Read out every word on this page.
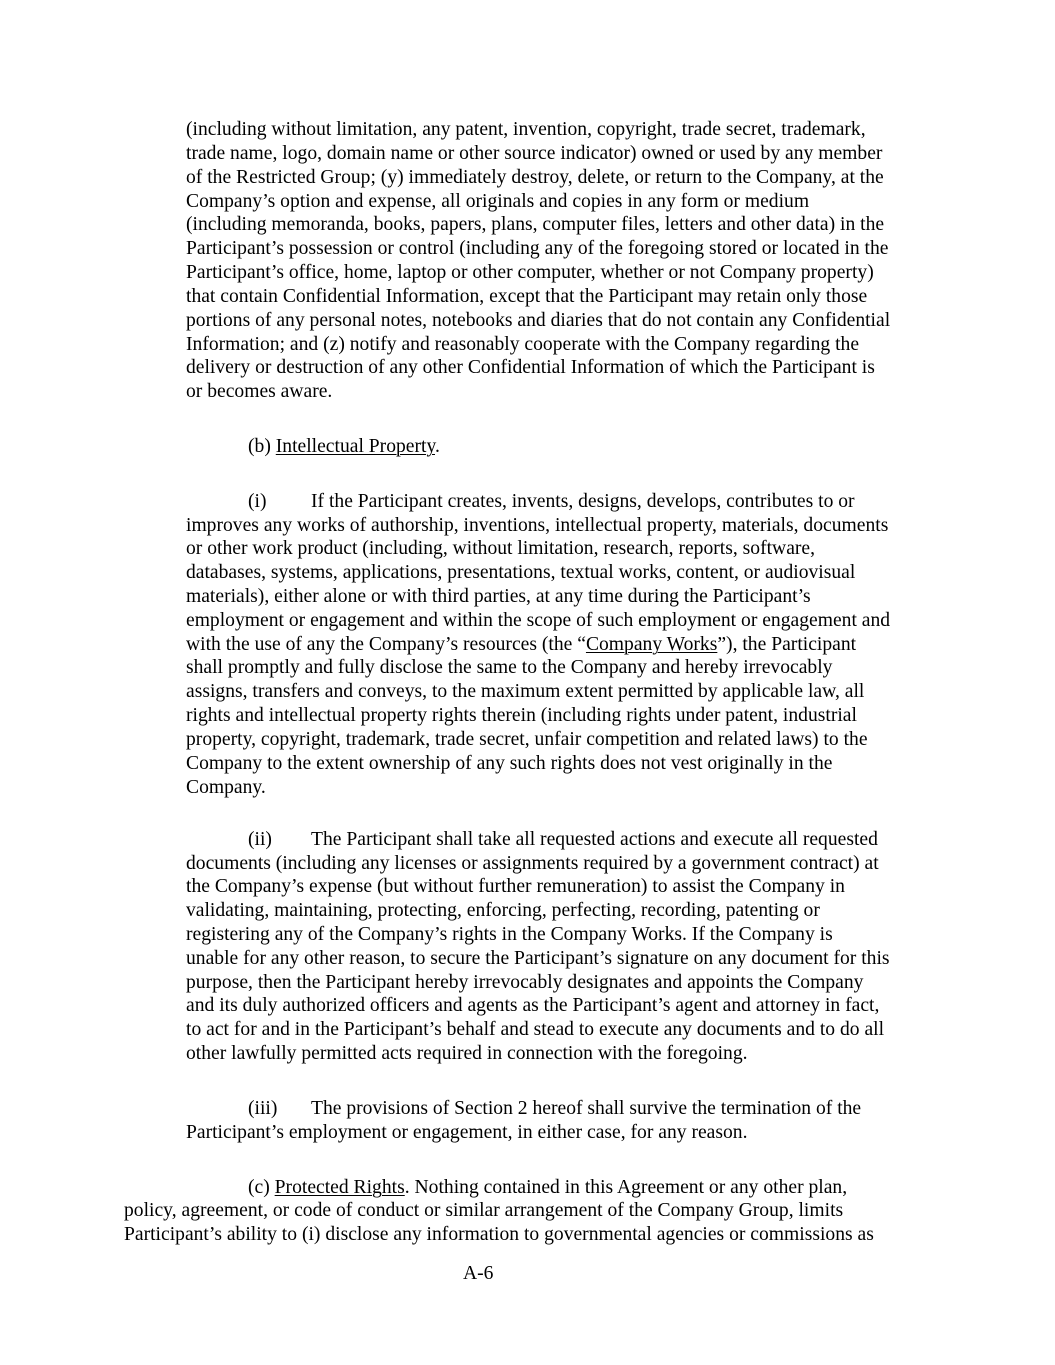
(including without limitation, any patent, invention, copyright, trade secret, trademark,
trade name, logo, domain name or other source indicator) owned or used by any member
of the Restricted Group; (y) immediately destroy, delete, or return to the Company, at the
Company’s option and expense, all originals and copies in any form or medium
(including memoranda, books, papers, plans, computer files, letters and other data) in the
Participant’s possession or control (including any of the foregoing stored or located in the
Participant’s office, home, laptop or other computer, whether or not Company property)
that contain Confidential Information, except that the Participant may retain only those
portions of any personal notes, notebooks and diaries that do not contain any Confidential
Information; and (z) notify and reasonably cooperate with the Company regarding the
delivery or destruction of any other Confidential Information of which the Participant is
or becomes aware.
(b) Intellectual Property.
(i) If the Participant creates, invents, designs, develops, contributes to or
improves any works of authorship, inventions, intellectual property, materials, documents
or other work product (including, without limitation, research, reports, software,
databases, systems, applications, presentations, textual works, content, or audiovisual
materials), either alone or with third parties, at any time during the Participant’s
employment or engagement and within the scope of such employment or engagement and
with the use of any the Company’s resources (the “Company Works”), the Participant
shall promptly and fully disclose the same to the Company and hereby irrevocably
assigns, transfers and conveys, to the maximum extent permitted by applicable law, all
rights and intellectual property rights therein (including rights under patent, industrial
property, copyright, trademark, trade secret, unfair competition and related laws) to the
Company to the extent ownership of any such rights does not vest originally in the
Company.
(ii) The Participant shall take all requested actions and execute all requested
documents (including any licenses or assignments required by a government contract) at
the Company’s expense (but without further remuneration) to assist the Company in
validating, maintaining, protecting, enforcing, perfecting, recording, patenting or
registering any of the Company’s rights in the Company Works. If the Company is
unable for any other reason, to secure the Participant’s signature on any document for this
purpose, then the Participant hereby irrevocably designates and appoints the Company
and its duly authorized officers and agents as the Participant’s agent and attorney in fact,
to act for and in the Participant’s behalf and stead to execute any documents and to do all
other lawfully permitted acts required in connection with the foregoing.
(iii) The provisions of Section 2 hereof shall survive the termination of the
Participant’s employment or engagement, in either case, for any reason.
(c) Protected Rights. Nothing contained in this Agreement or any other plan,
policy, agreement, or code of conduct or similar arrangement of the Company Group, limits
Participant’s ability to (i) disclose any information to governmental agencies or commissions as
A-6
